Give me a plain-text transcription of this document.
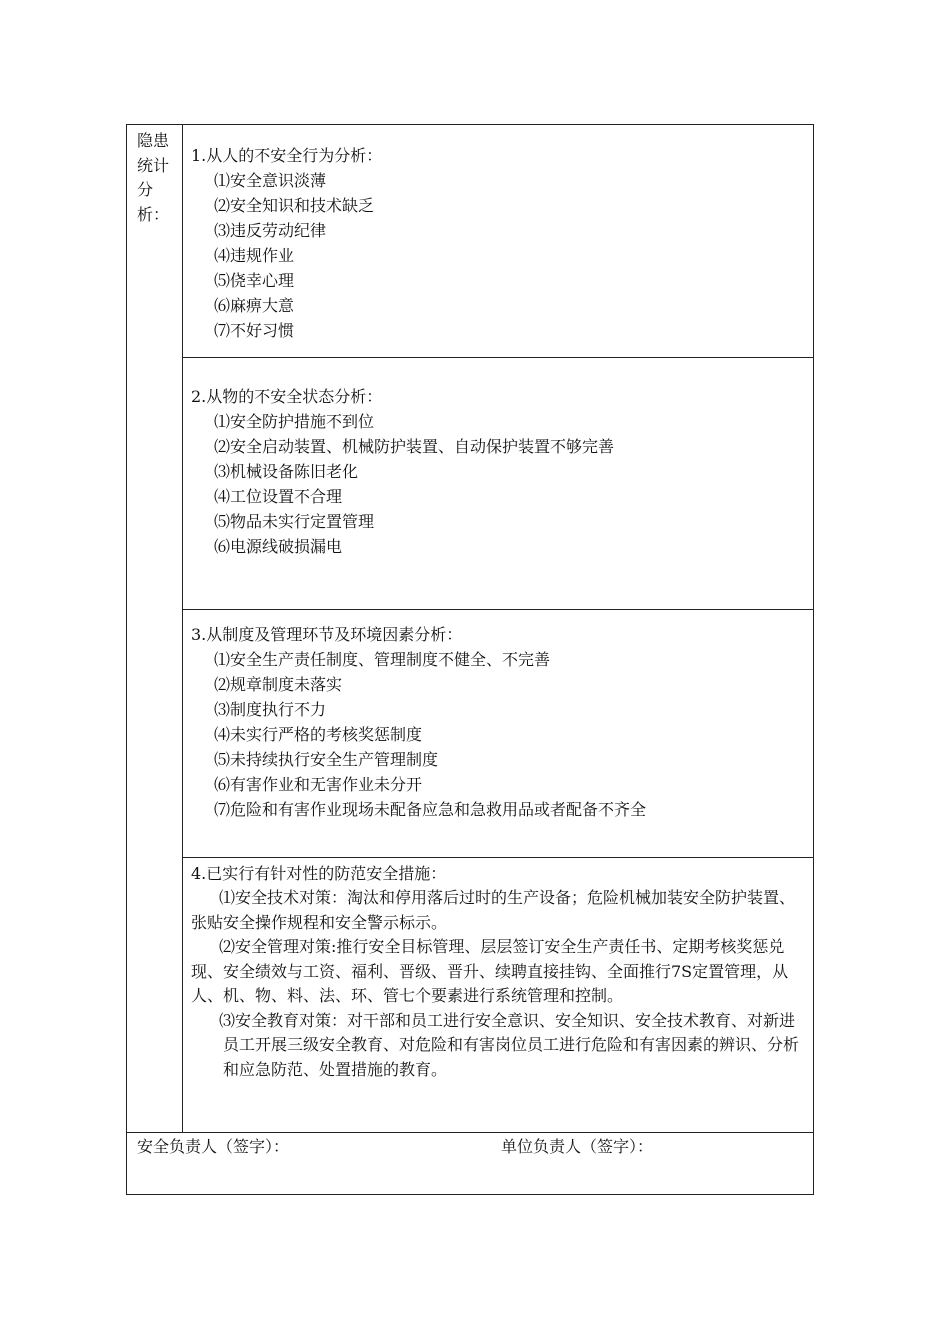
隐患统计分析：

1.从人的不安全行为分析：

⑴安全意识淡薄
⑵安全知识和技术缺乏
⑶违反劳动纪律
⑷违规作业
⑸侥幸心理
⑹麻痹大意
⑺不好习惯

2.从物的不安全状态分析：

⑴安全防护措施不到位
⑵安全启动装置、机械防护装置、自动保护装置不够完善
⑶机械设备陈旧老化
⑷工位设置不合理
⑸物品未实行定置管理
⑹电源线破损漏电

3.从制度及管理环节及环境因素分析：

⑴安全生产责任制度、管理制度不健全、不完善
⑵规章制度未落实
⑶制度执行不力
⑷未实行严格的考核奖惩制度
⑸未持续执行安全生产管理制度
⑹有害作业和无害作业未分开
⑺危险和有害作业现场未配备应急和急救用品或者配备不齐全

4.已实行有针对性的防范安全措施：

⑴安全技术对策：淘汰和停用落后过时的生产设备；危险机械加装安全防护装置、张贴安全操作规程和安全警示标示。

⑵安全管理对策:推行安全目标管理、层层签订安全生产责任书、定期考核奖惩兑现、安全绩效与工资、福利、晋级、晋升、续聘直接挂钩、全面推行7S定置管理，从人、机、物、料、法、环、管七个要素进行系统管理和控制。

⑶安全教育对策：对干部和员工进行安全意识、安全知识、安全技术教育、对新进员工开展三级安全教育、对危险和有害岗位员工进行危险和有害因素的辨识、分析和应急防范、处置措施的教育。

安全负责人（签字）：	单位负责人（签字）：
